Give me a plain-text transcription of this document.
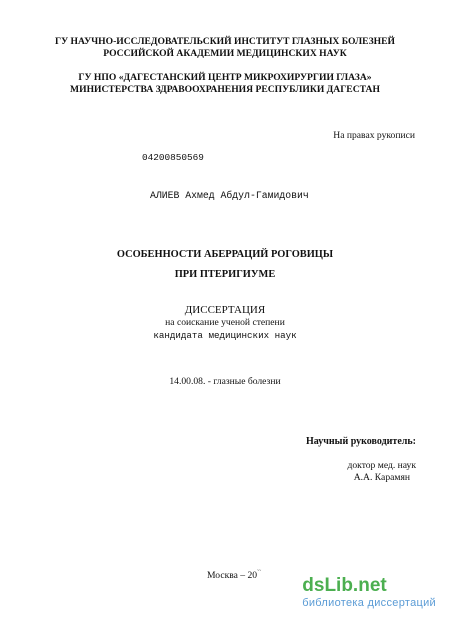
ГУ НАУЧНО-ИССЛЕДОВАТЕЛЬСКИЙ ИНСТИТУТ ГЛАЗНЫХ БОЛЕЗНЕЙ
РОССИЙСКОЙ АКАДЕМИИ МЕДИЦИНСКИХ НАУК
ГУ НПО «ДАГЕСТАНСКИЙ ЦЕНТР МИКРОХИРУРГИИ ГЛАЗА»
МИНИСТЕРСТВА ЗДРАВООХРАНЕНИЯ РЕСПУБЛИКИ ДАГЕСТАН
На правах рукописи
04200850569
АЛИЕВ Ахмед Абдул-Гамидович
ОСОБЕННОСТИ АБЕРРАЦИЙ РОГОВИЦЫ
ПРИ ПТЕРИГИУМЕ
ДИССЕРТАЦИЯ
на соискание ученой степени
кандидата медицинских наук
14.00.08. - глазные болезни
Научный руководитель:
доктор мед. наук
А.А. Карамян
Москва – 20˜˜
dsLib.net
библиотека диссертаций
